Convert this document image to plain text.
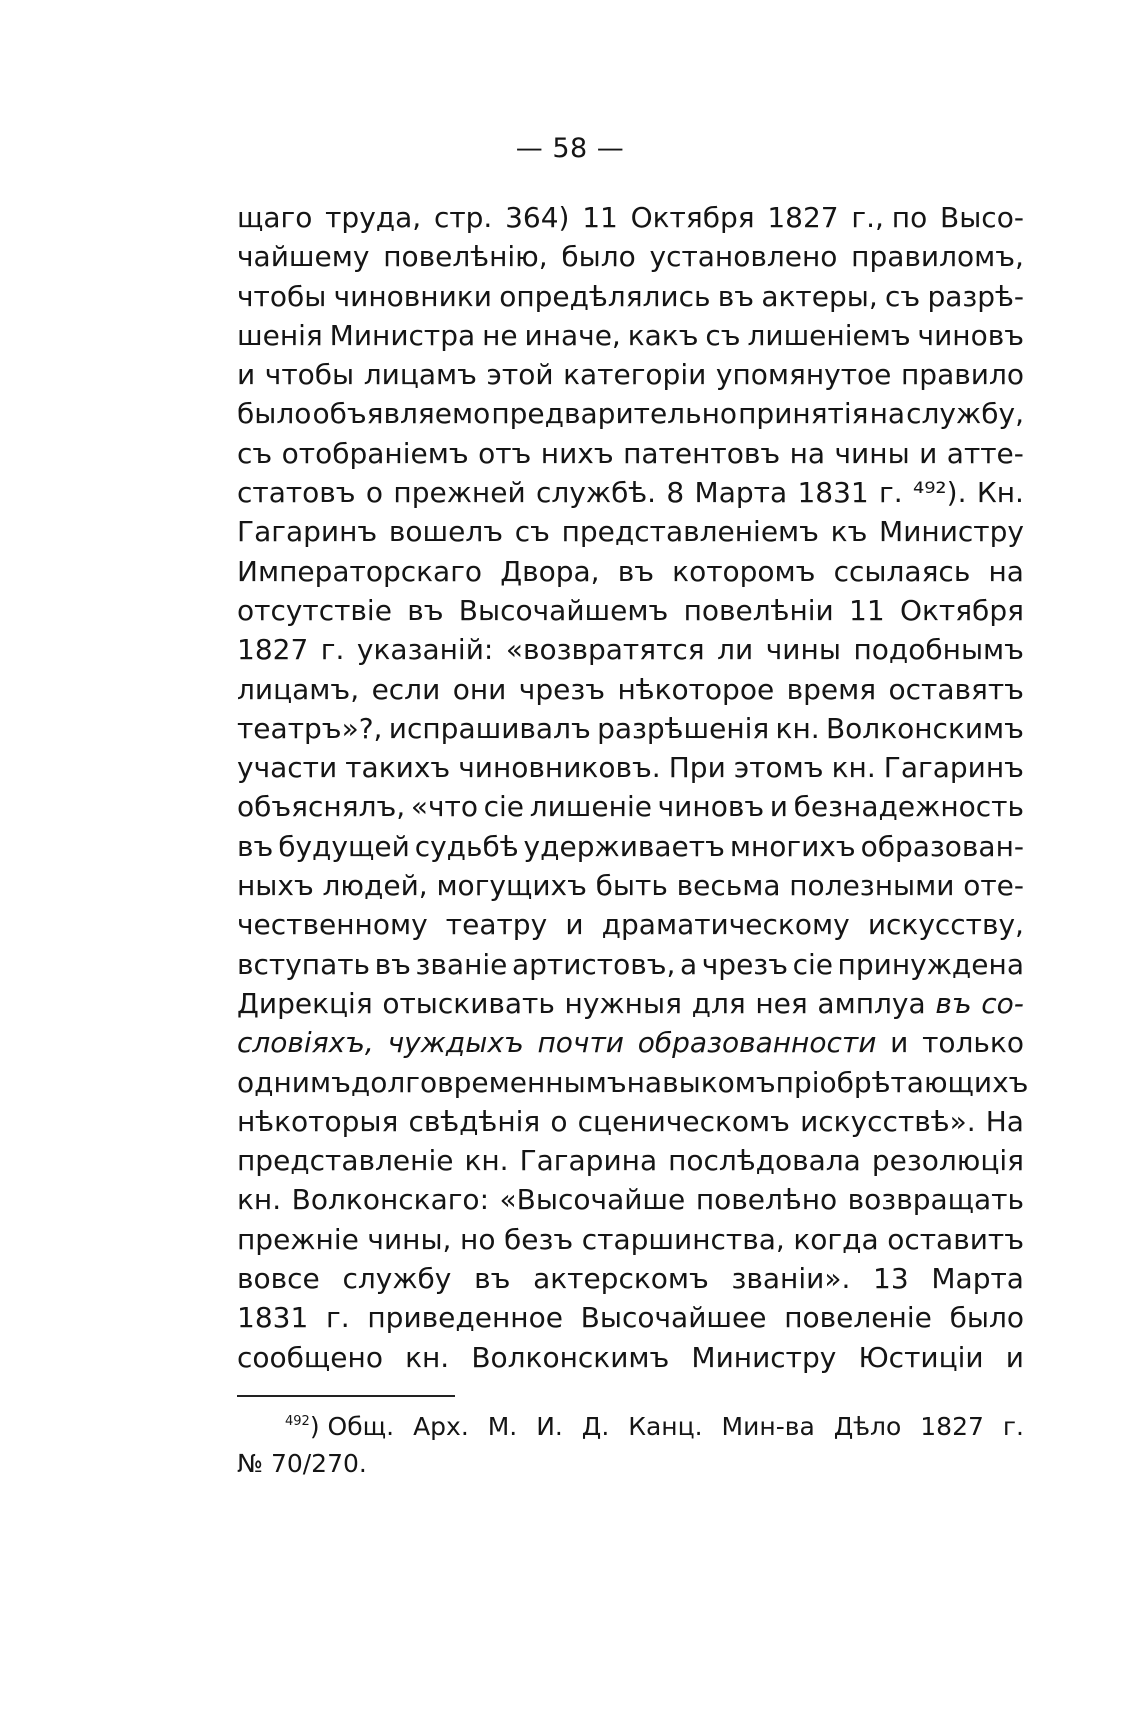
— 58 —
щаго труда, стр. 364) 11 Октября 1827 г., по Высо-
чайшему повелѣнію, было установлено правиломъ,
чтобы чиновники опредѣлялись въ актеры, съ разрѣ-
шенія Министра не иначе, какъ съ лишеніемъ чиновъ
и чтобы лицамъ этой категоріи упомянутое правило
было объявляемо предварительно принятія на службу,
съ отобраніемъ отъ нихъ патентовъ на чины и атте-
статовъ о прежней службѣ. 8 Марта 1831 г. ⁴⁹²). Кн.
Гагаринъ вошелъ съ представленіемъ къ Министру
Императорскаго Двора, въ которомъ ссылаясь на
отсутствіе въ Высочайшемъ повелѣніи 11 Октября
1827 г. указаній: «возвратятся ли чины подобнымъ
лицамъ, если они чрезъ нѣкоторое время оставятъ
театръ»?, испрашивалъ разрѣшенія кн. Волконскимъ
участи такихъ чиновниковъ. При этомъ кн. Гагаринъ
объяснялъ, «что сіе лишеніе чиновъ и безнадежность
въ будущей судьбѣ удерживаетъ многихъ образован-
ныхъ людей, могущихъ быть весьма полезными оте-
чественному театру и драматическому искусству,
вступать въ званіе артистовъ, а чрезъ сіе принуждена
Дирекція отыскивать нужныя для нея амплуа въ со-
словіяхъ, чуждыхъ почти образованности и только
однимъ долговременнымъ навыкомъ пріобрѣтающихъ
нѣкоторыя свѣдѣнія о сценическомъ искусствѣ». На
представленіе кн. Гагарина послѣдовала резолюція
кн. Волконскаго: «Высочайше повелѣно возвращать
прежніе чины, но безъ старшинства, когда оставитъ
вовсе службу въ актерскомъ званіи». 13 Марта
1831 г. приведенное Высочайшее повеленіе было
сообщено кн. Волконскимъ Министру Юстиціи и
$^{492}$) Общ. Арх. М. И. Д. Канц. Мин-ва Дѣло 1827 г.
№ 70/270.
